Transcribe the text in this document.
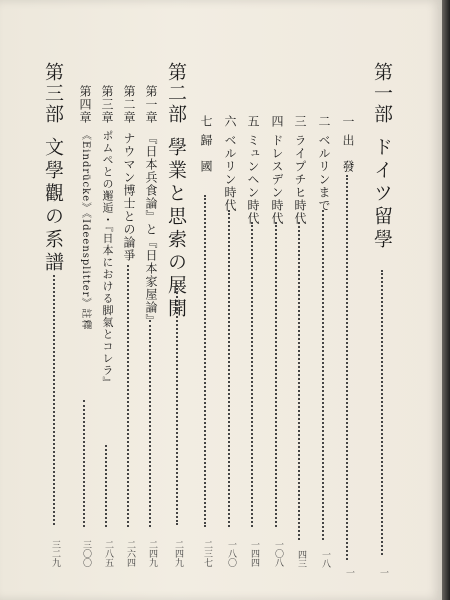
第一部ドイツ留學
一
一出　發
一
二ベルリンまで
一八
三ライプチヒ時代
四三
四ドレスデン時代
一〇八
五ミュンヘン時代
一四四
六ベルリン時代
一八〇
七歸　國
二三七
第二部學業と思索の展開
二四九
第一章『日本兵食論』と『日本家屋論』
二四九
第二章ナウマン博士との論爭
二六四
第三章ポムペとの邂逅・『日本における脚氣とコレラ』
二八五
第四章《Eindrücke》《Ideensplitter》註釋
三〇〇
第三部文學觀の系譜
三二九
